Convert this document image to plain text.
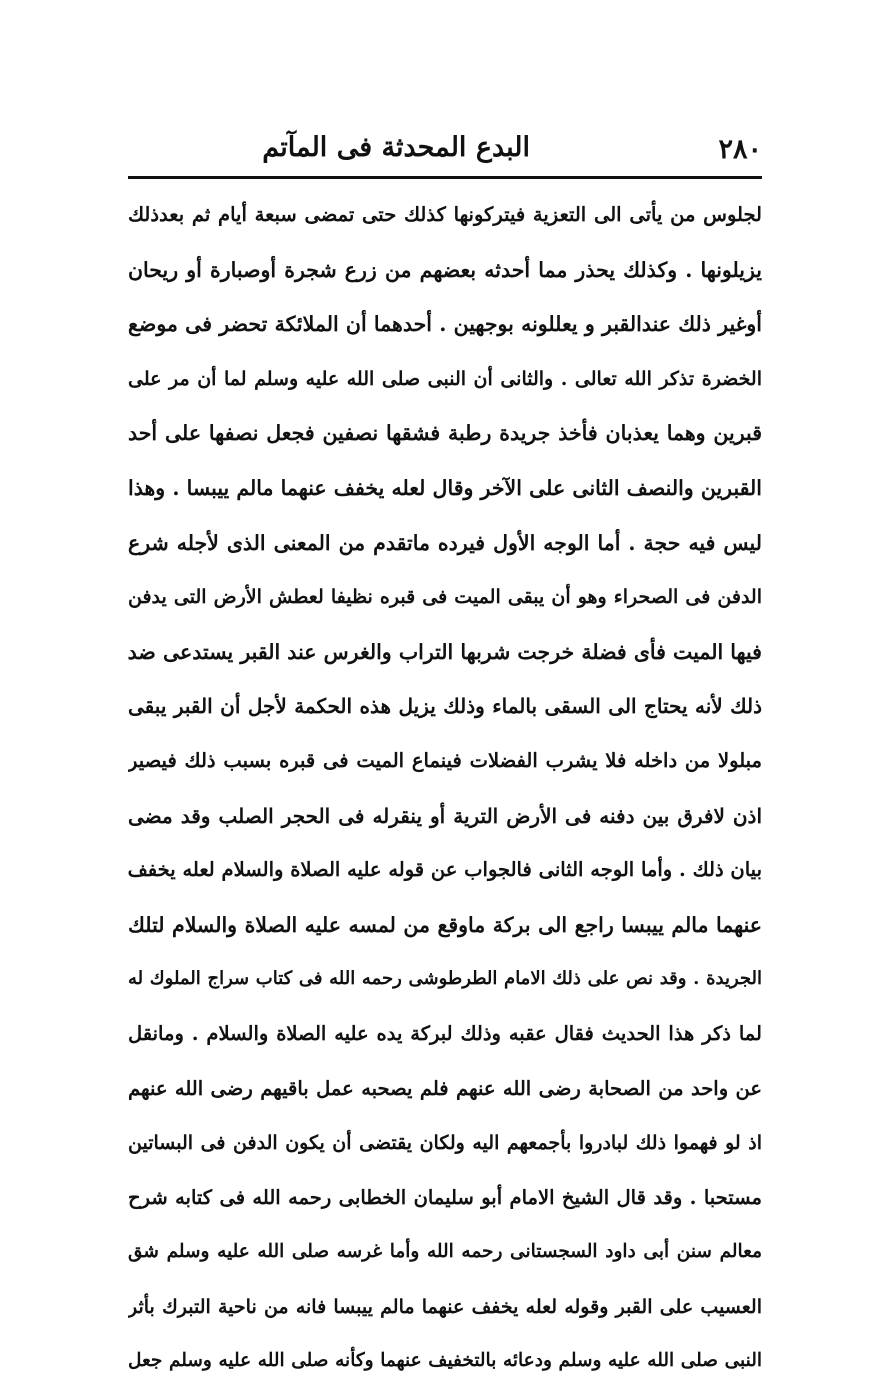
٢٨٠
البدع المحدثة فى المآتم
لجلوس من يأتى الى التعزية فيتركونها كذلك حتى تمضى سبعة أيام ثم بعدذلك
يزيلونها . وكذلك يحذر مما أحدثه بعضهم من زرع شجرة أوصبارة أو ريحان
أوغير ذلك عندالقبر و يعللونه بوجهين . أحدهما أن الملائكة تحضر فى موضع
الخضرة تذكر الله تعالى . والثانى أن النبى صلى الله عليه وسلم لما أن مر على
قبرين وهما يعذبان فأخذ جريدة رطبة فشقها نصفين فجعل نصفها على أحد
القبرين والنصف الثانى على الآخر وقال لعله يخفف عنهما مالم ييبسا . وهذا
ليس فيه حجة . أما الوجه الأول فيرده ماتقدم من المعنى الذى لأجله شرع
الدفن فى الصحراء وهو أن يبقى الميت فى قبره نظيفا لعطش الأرض التى يدفن
فيها الميت فأى فضلة خرجت شربها التراب والغرس عند القبر يستدعى ضد
ذلك لأنه يحتاج الى السقى بالماء وذلك يزيل هذه الحكمة لأجل أن القبر يبقى
مبلولا من داخله فلا يشرب الفضلات فينماع الميت فى قبره بسبب ذلك فيصير
اذن لافرق بين دفنه فى الأرض الترية أو ينقرله فى الحجر الصلب وقد مضى
بيان ذلك . وأما الوجه الثانى فالجواب عن قوله عليه الصلاة والسلام لعله يخفف
عنهما مالم ييبسا راجع الى بركة ماوقع من لمسه عليه الصلاة والسلام لتلك
الجريدة . وقد نص على ذلك الامام الطرطوشى رحمه الله فى كتاب سراج الملوك له
لما ذكر هذا الحديث فقال عقبه وذلك لبركة يده عليه الصلاة والسلام . ومانقل
عن واحد من الصحابة رضى الله عنهم فلم يصحبه عمل باقيهم رضى الله عنهم
اذ لو فهموا ذلك لبادروا بأجمعهم اليه ولكان يقتضى أن يكون الدفن فى البساتين
مستحبا . وقد قال الشيخ الامام أبو سليمان الخطابى رحمه الله فى كتابه شرح
معالم سنن أبى داود السجستانى رحمه الله وأما غرسه صلى الله عليه وسلم شق
العسيب على القبر وقوله لعله يخفف عنهما مالم ييبسا فانه من ناحية التبرك بأثر
النبى صلى الله عليه وسلم ودعائه بالتخفيف عنهما وكأنه صلى الله عليه وسلم جعل
